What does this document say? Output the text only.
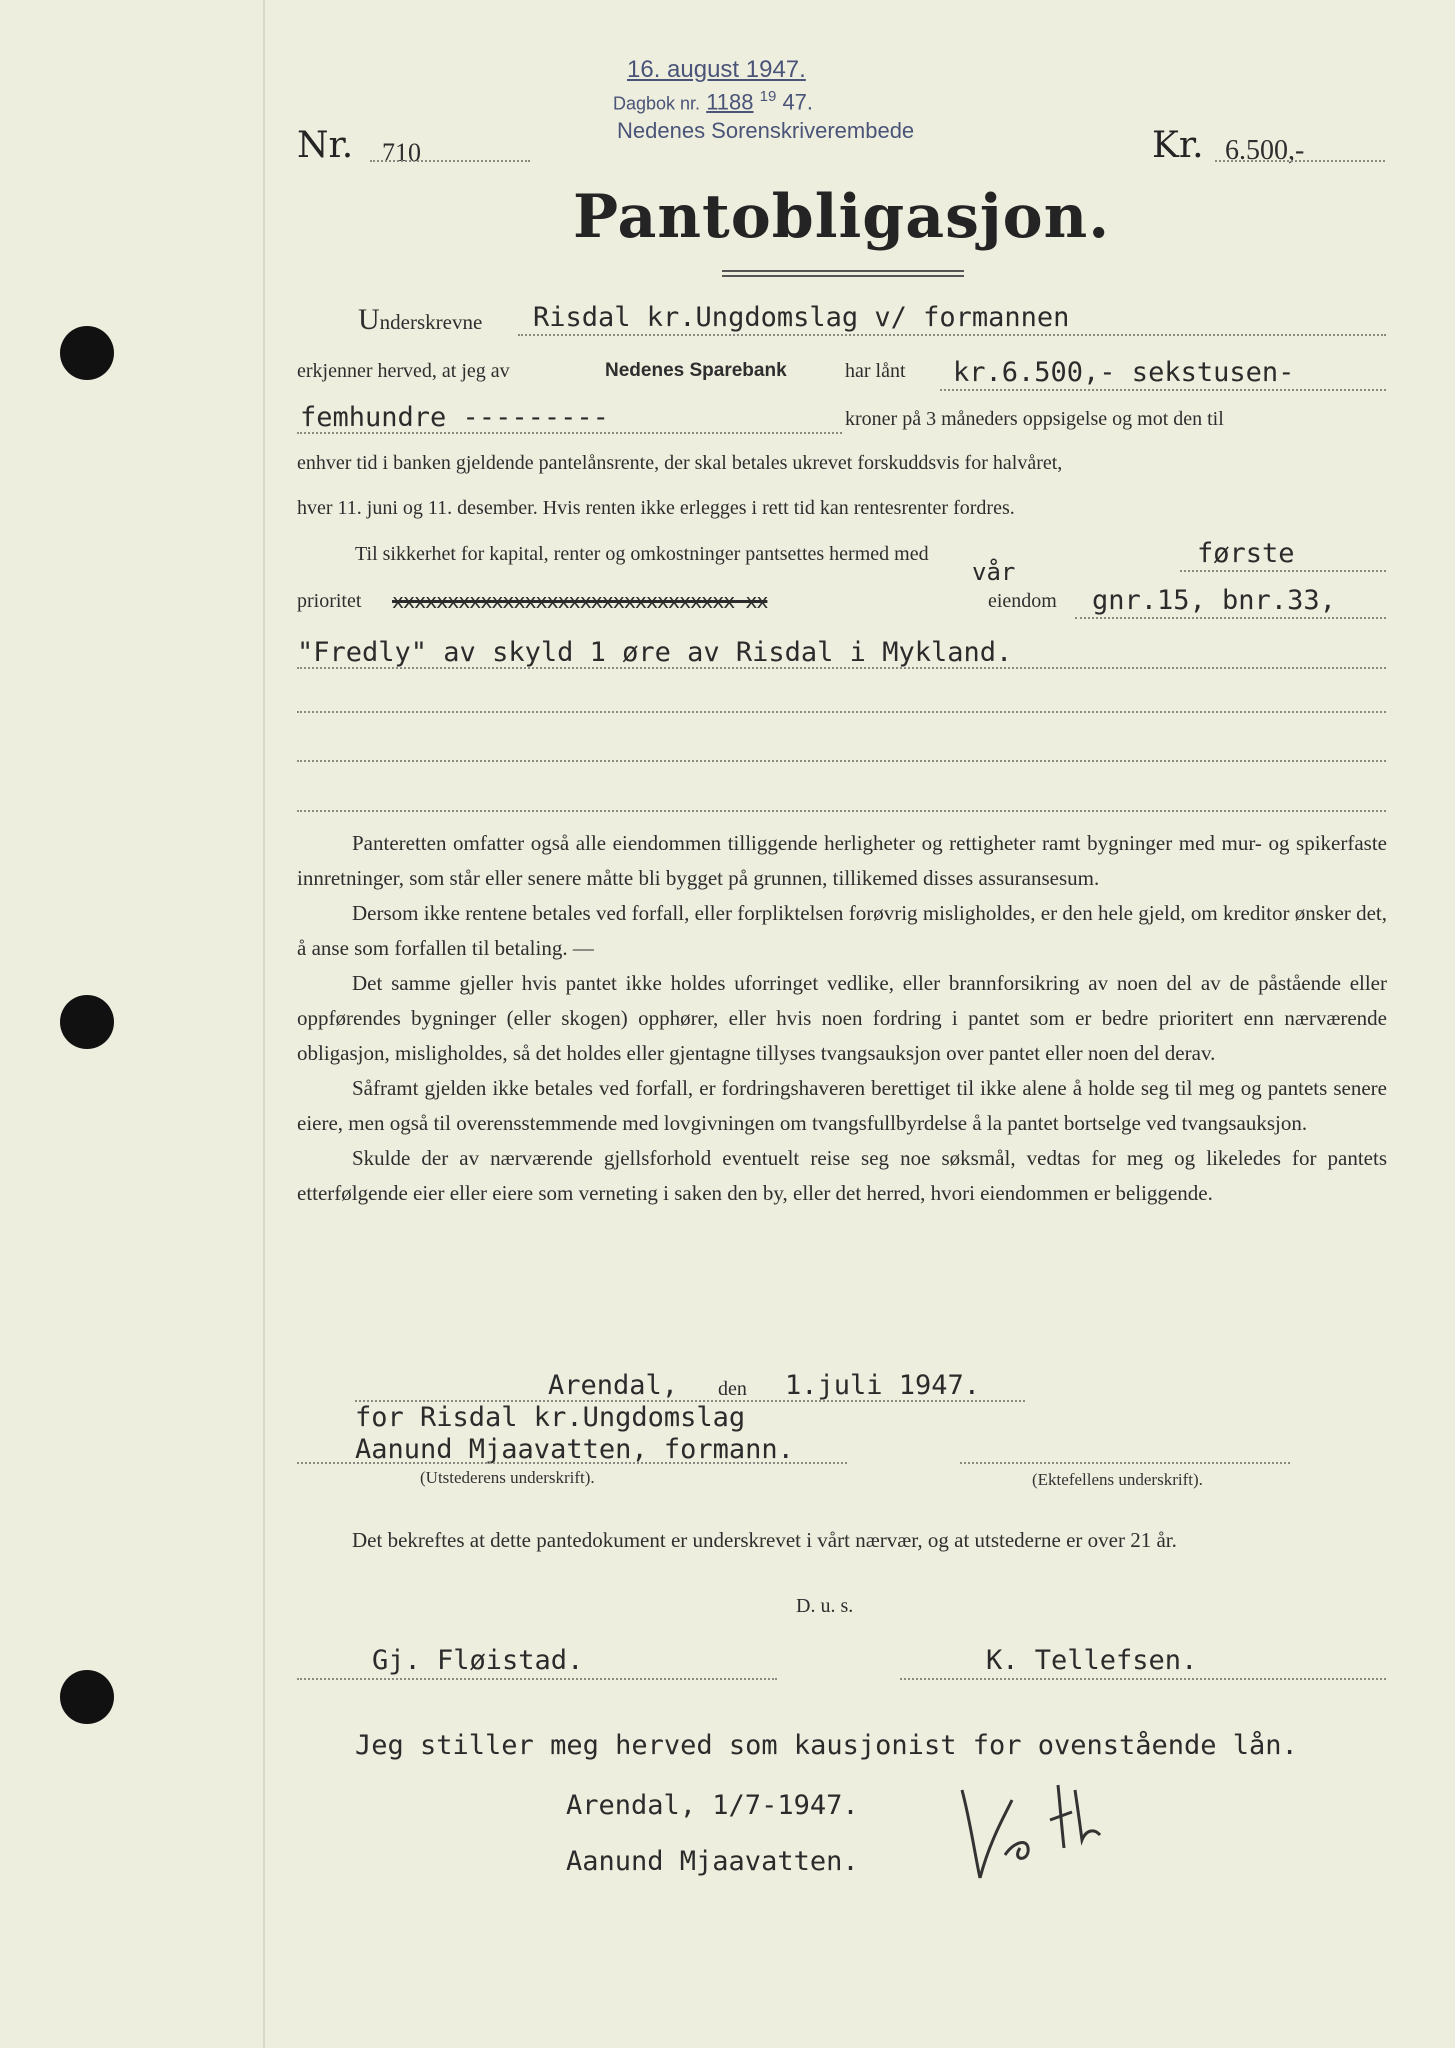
16. august 1947.
Dagbok nr. 1188 $^{19}$ 47.
Nedenes Sorenskriverembede
Nr. 710	Kr. 6.500,-
Pantobligasjon.
Underskrevne Risdal kr.Ungdomslag v/ formannen
erkjenner herved, at jeg av	Nedenes Sparebank	har lånt kr.6.500,- sekstusen-
femhundre ---------	kroner på 3 måneders oppsigelse og mot den til
enhver tid i banken gjeldende pantelånsrente, der skal betales ukrevet forskuddsvis for halvåret,
hver 11. juni og 11. desember. Hvis renten ikke erlegges i rett tid kan rentesrenter fordres.
Til sikkerhet for kapital, renter og omkostninger pantsettes hermed med	første
vår
prioritet xxxxxxxxxxxxxxxxxxxxxxxxxxxxxxx xx	eiendom gnr.15, bnr.33,
"Fredly" av skyld 1 øre av Risdal i Mykland.

Panteretten omfatter også alle eiendommen tilliggende herligheter og rettigheter ramt bygninger med mur- og spikerfaste innretninger, som står eller senere måtte bli bygget på grunnen, tillikemed disses assuransesum.

Dersom ikke rentene betales ved forfall, eller forpliktelsen forøvrig misligholdes, er den hele gjeld, om kreditor ønsker det, å anse som forfallen til betaling. —

Det samme gjeller hvis pantet ikke holdes uforringet vedlike, eller brannforsikring av noen del av de påstående eller oppførendes bygninger (eller skogen) opphører, eller hvis noen fordring i pantet som er bedre prioritert enn nærværende obligasjon, misligholdes, så det holdes eller gjentagne tillyses tvangsauksjon over pantet eller noen del derav.

Såframt gjelden ikke betales ved forfall, er fordringshaveren berettiget til ikke alene å holde seg til meg og pantets senere eiere, men også til overensstemmende med lovgivningen om tvangsfullbyrdelse å la pantet bortselge ved tvangsauksjon.

Skulde der av nærværende gjellsforhold eventuelt reise seg noe søksmål, vedtas for meg og likeledes for pantets etterfølgende eier eller eiere som verneting i saken den by, eller det herred, hvori eiendommen er beliggende.

Arendal, den 1.juli 1947.
for Risdal kr.Ungdomslag
Aanund Mjaavatten, formann.
(Utstederens underskrift).	(Ektefellens underskrift).
Det bekreftes at dette pantedokument er underskrevet i vårt nærvær, og at utstederne er over 21 år.
D. u. s.
Gj. Fløistad.	K. Tellefsen.
Jeg stiller meg herved som kausjonist for ovenstående lån.
Arendal, 1/7-1947.
Aanund Mjaavatten.
